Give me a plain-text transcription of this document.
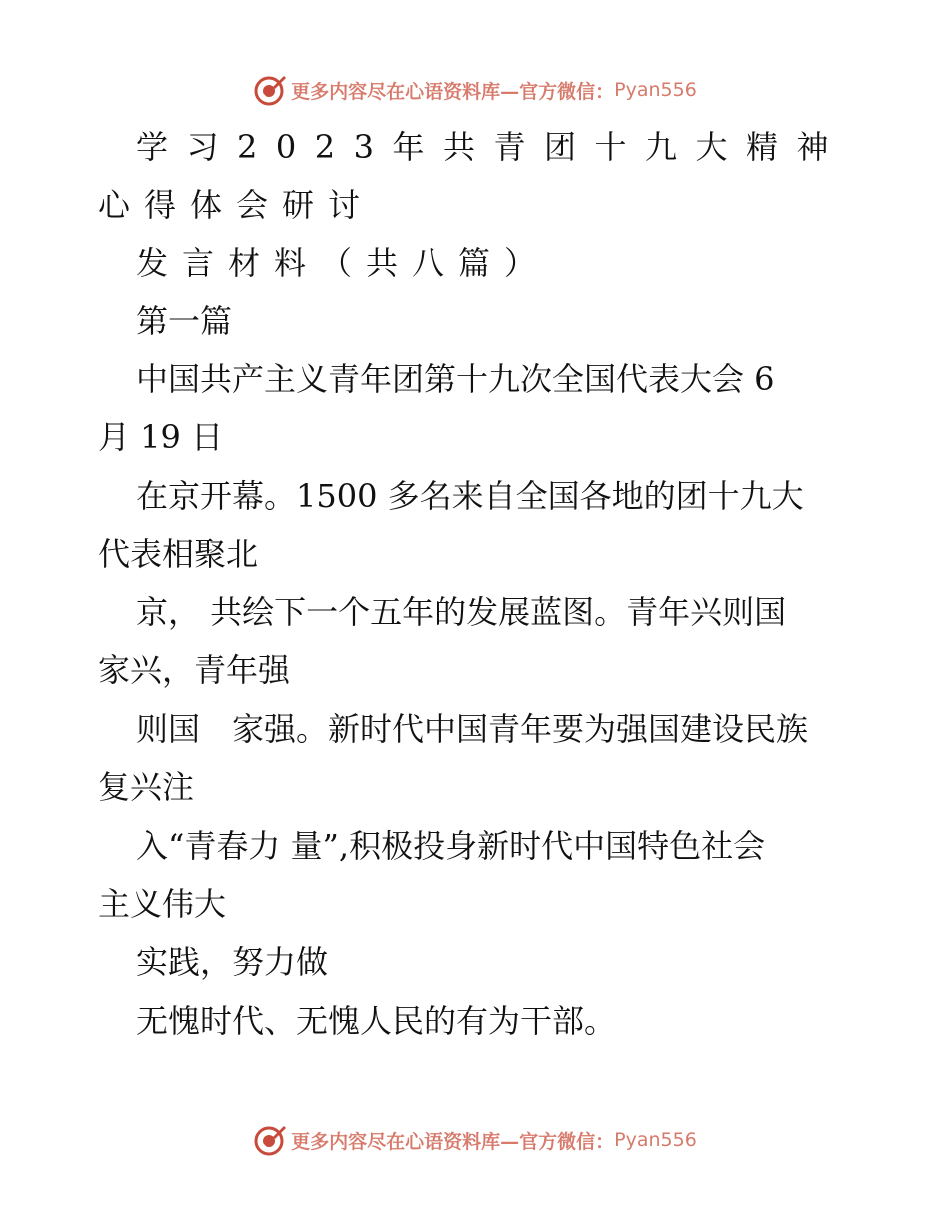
更多内容尽在心语资料库—官方微信： Pyan556
学习2023年共青团十九大精神
心得体会研讨
发言材料（共八篇）
第一篇
中国共产主义青年团第十九次全国代表大会 6
月 19 日
在京开幕。1500 多名来自全国各地的团十九大
代表相聚北
京， 共绘下一个五年的发展蓝图。青年兴则国
家兴，青年强
则国　家强。新时代中国青年要为强国建设民族
复兴注
入“青春力 量”,积极投身新时代中国特色社会
主义伟大
实践，努力做
无愧时代、无愧人民的有为干部。
更多内容尽在心语资料库—官方微信： Pyan556
